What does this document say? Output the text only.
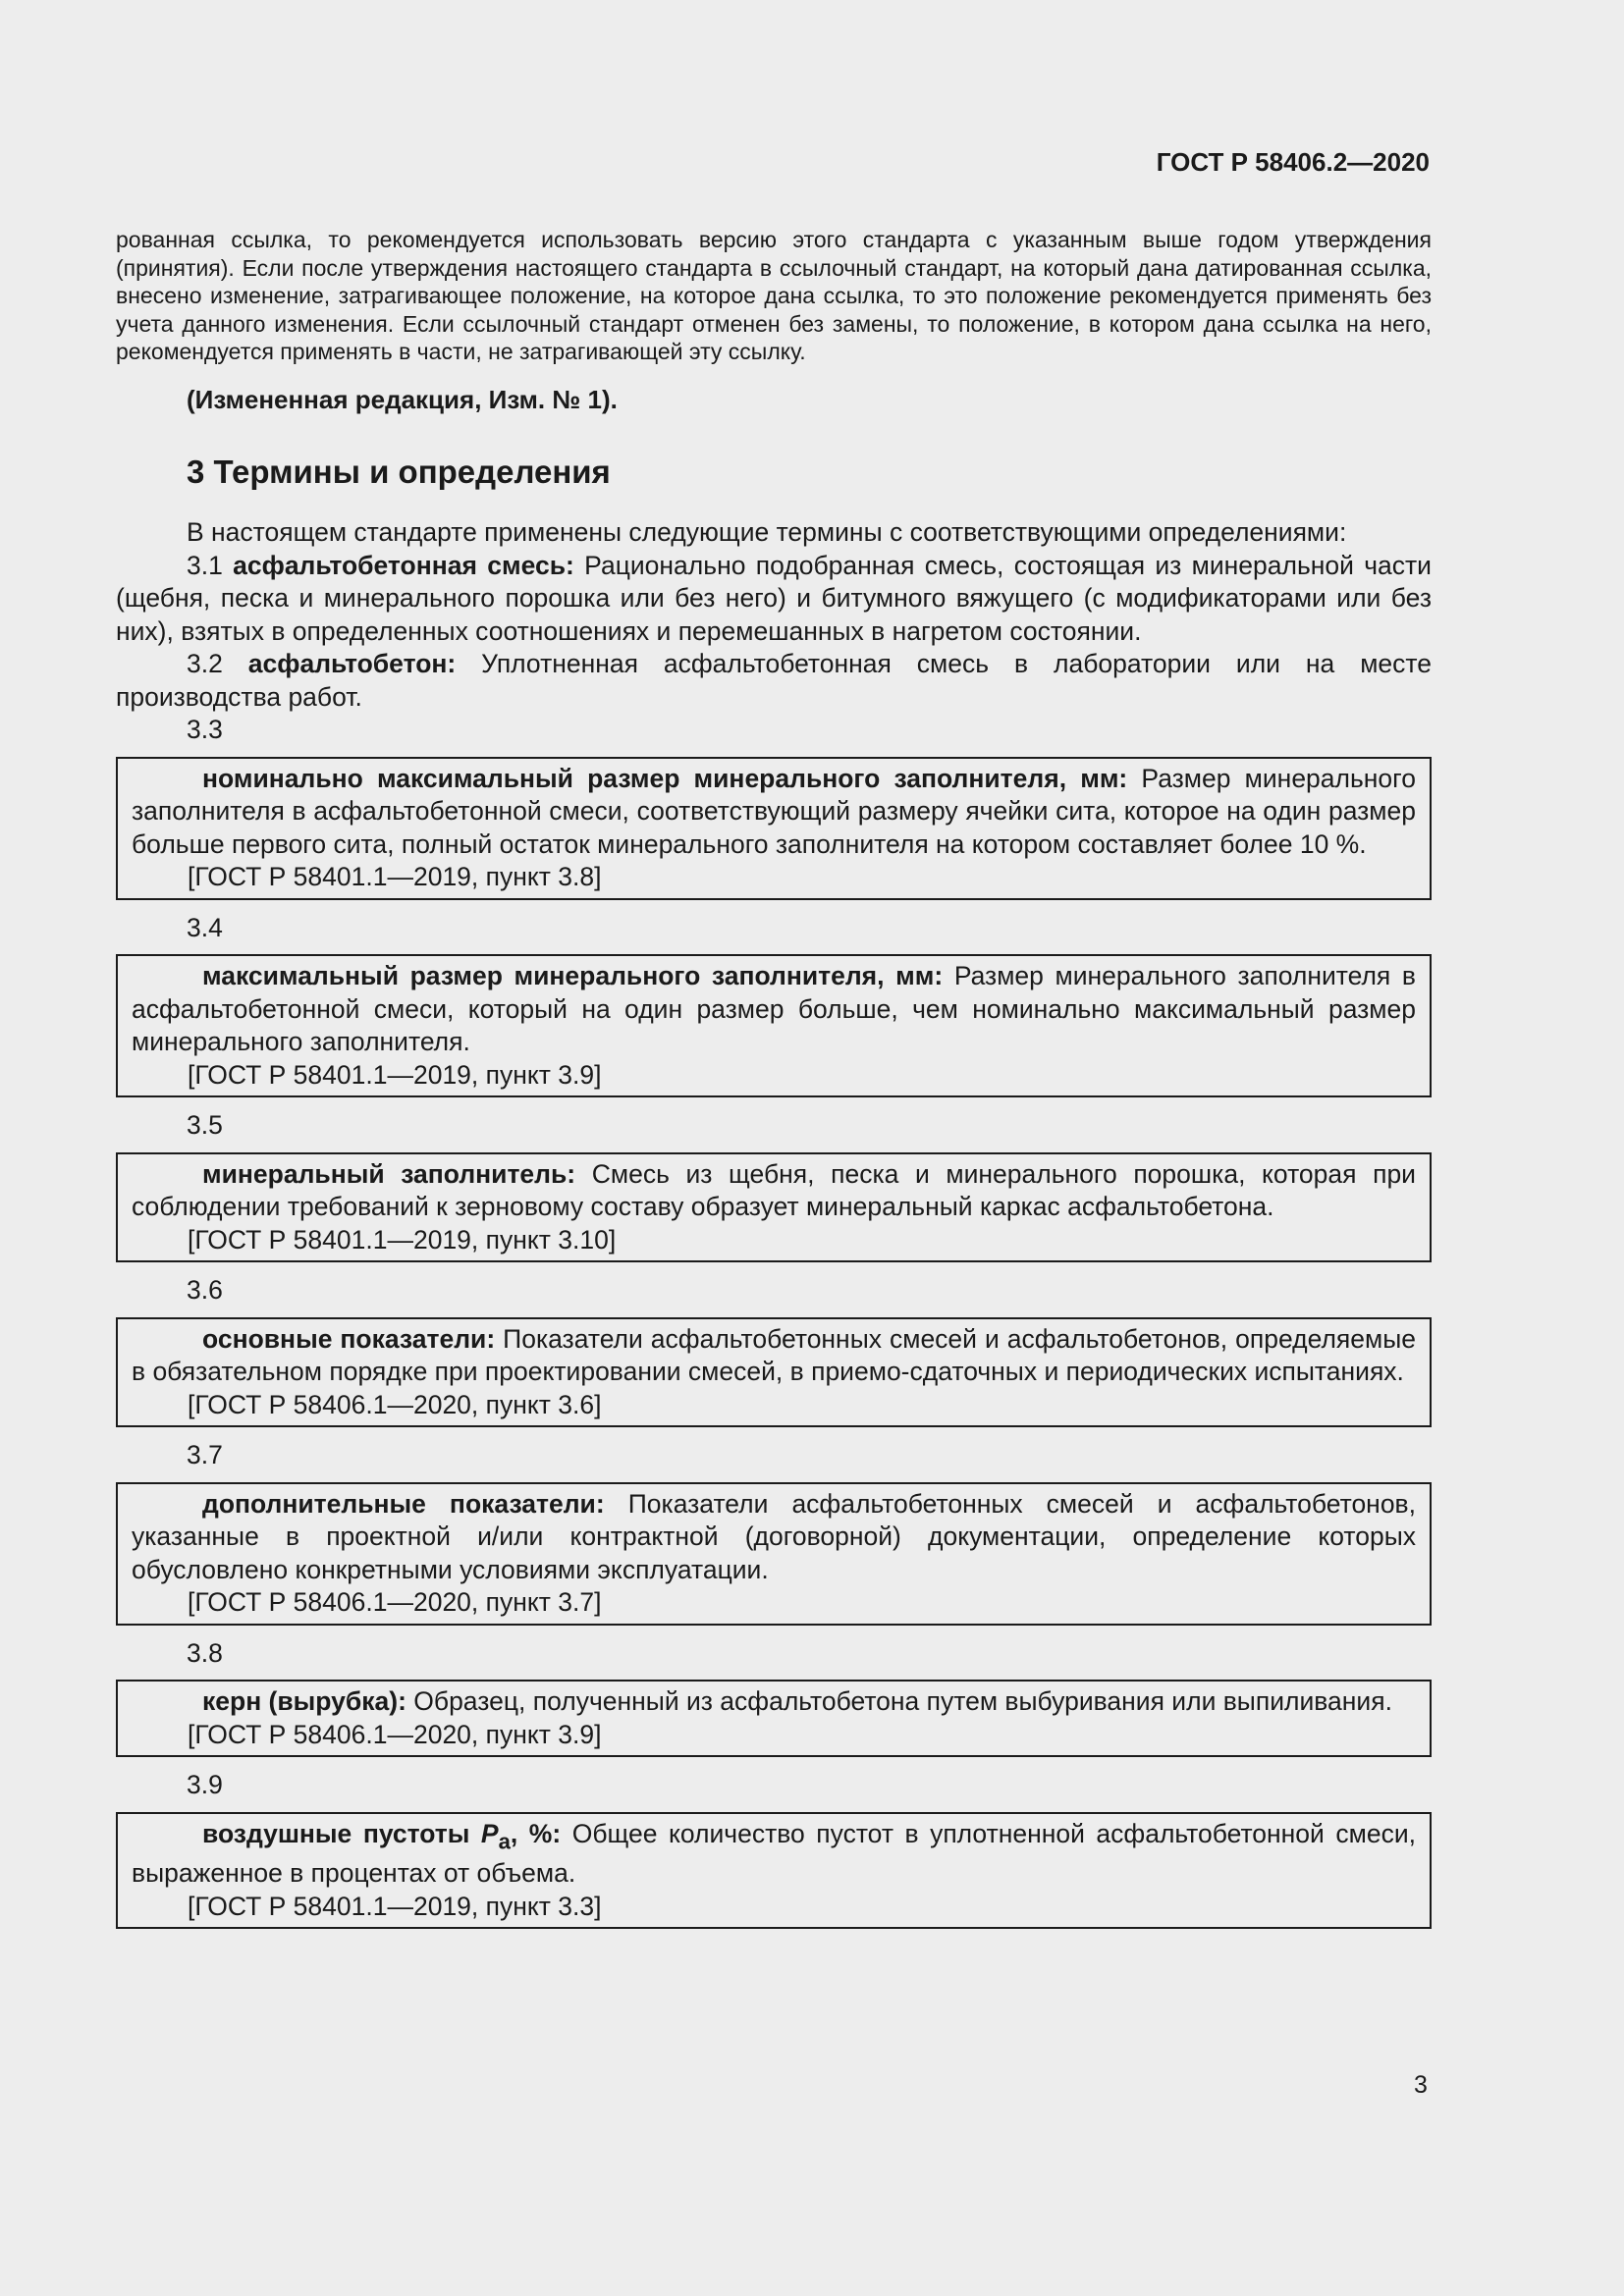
ГОСТ Р 58406.2—2020

рованная ссылка, то рекомендуется использовать версию этого стандарта с указанным выше годом утверждения (принятия). Если после утверждения настоящего стандарта в ссылочный стандарт, на который дана датированная ссылка, внесено изменение, затрагивающее положение, на которое дана ссылка, то это положение рекомендуется применять без учета данного изменения. Если ссылочный стандарт отменен без замены, то положение, в котором дана ссылка на него, рекомендуется применять в части, не затрагивающей эту ссылку.

(Измененная редакция, Изм. № 1).

3 Термины и определения

В настоящем стандарте применены следующие термины с соответствующими определениями:

3.1 асфальтобетонная смесь: Рационально подобранная смесь, состоящая из минеральной части (щебня, песка и минерального порошка или без него) и битумного вяжущего (с модификаторами или без них), взятых в определенных соотношениях и перемешанных в нагретом состоянии.

3.2 асфальтобетон: Уплотненная асфальтобетонная смесь в лаборатории или на месте производства работ.

3.3

номинально максимальный размер минерального заполнителя, мм: Размер минерального заполнителя в асфальтобетонной смеси, соответствующий размеру ячейки сита, которое на один размер больше первого сита, полный остаток минерального заполнителя на котором составляет более 10 %.

[ГОСТ Р 58401.1—2019, пункт 3.8]

3.4

максимальный размер минерального заполнителя, мм: Размер минерального заполнителя в асфальтобетонной смеси, который на один размер больше, чем номинально максимальный размер минерального заполнителя.

[ГОСТ Р 58401.1—2019, пункт 3.9]

3.5

минеральный заполнитель: Смесь из щебня, песка и минерального порошка, которая при соблюдении требований к зерновому составу образует минеральный каркас асфальтобетона.

[ГОСТ Р 58401.1—2019, пункт 3.10]

3.6

основные показатели: Показатели асфальтобетонных смесей и асфальтобетонов, определяемые в обязательном порядке при проектировании смесей, в приемо-сдаточных и периодических испытаниях.

[ГОСТ Р 58406.1—2020, пункт 3.6]

3.7

дополнительные показатели: Показатели асфальтобетонных смесей и асфальтобетонов, указанные в проектной и/или контрактной (договорной) документации, определение которых обусловлено конкретными условиями эксплуатации.

[ГОСТ Р 58406.1—2020, пункт 3.7]

3.8

керн (вырубка): Образец, полученный из асфальтобетона путем выбуривания или выпиливания.

[ГОСТ Р 58406.1—2020, пункт 3.9]

3.9

воздушные пустоты $P_а$, %: Общее количество пустот в уплотненной асфальтобетонной смеси, выраженное в процентах от объема.

[ГОСТ Р 58401.1—2019, пункт 3.3]

3
